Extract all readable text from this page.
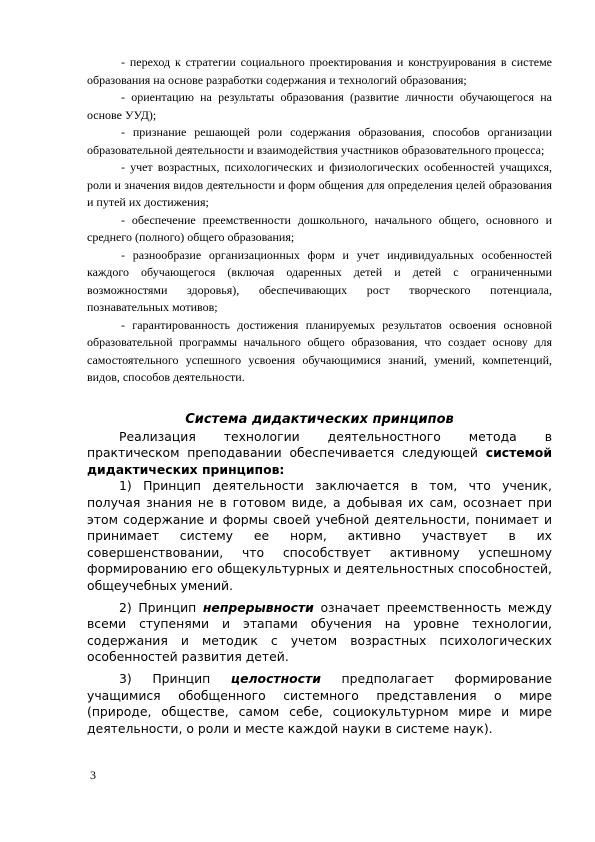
- переход к стратегии социального проектирования и конструирования в системе образования на основе разработки содержания и технологий образования;

- ориентацию на результаты образования (развитие личности обучающегося на основе УУД);

- признание решающей роли содержания образования, способов организации образовательной деятельности и взаимодействия участников образовательного процесса;

- учет возрастных, психологических и физиологических особенностей учащихся, роли и значения видов деятельности и форм общения для определения целей образования и путей их достижения;

- обеспечение преемственности дошкольного, начального общего, основного и среднего (полного) общего образования;

- разнообразие организационных форм и учет индивидуальных особенностей каждого обучающегося (включая одаренных детей и детей с ограниченными возможностями здоровья), обеспечивающих рост творческого потенциала, познавательных мотивов;

- гарантированность достижения планируемых результатов освоения основной образовательной программы начального общего образования, что создает основу для самостоятельного успешного усвоения обучающимися знаний, умений, компетенций, видов, способов деятельности.

Система дидактических принципов

Реализация технологии деятельностного метода в практическом преподавании обеспечивается следующей системой дидактических принципов:

1) Принцип деятельности заключается в том, что ученик, получая знания не в готовом виде, а добывая их сам, осознает при этом содержание и формы своей учебной деятельности, понимает и принимает систему ее норм, активно участвует в их совершенствовании, что способствует активному успешному формированию его общекультурных и деятельностных способностей, общеучебных умений.

2) Принцип непрерывности означает преемственность между всеми ступенями и этапами обучения на уровне технологии, содержания и методик с учетом возрастных психологических особенностей развития детей.

3) Принцип целостности предполагает формирование учащимися обобщенного системного представления о мире (природе, обществе, самом себе, социокультурном мире и мире деятельности, о роли и месте каждой науки в системе наук).

3
